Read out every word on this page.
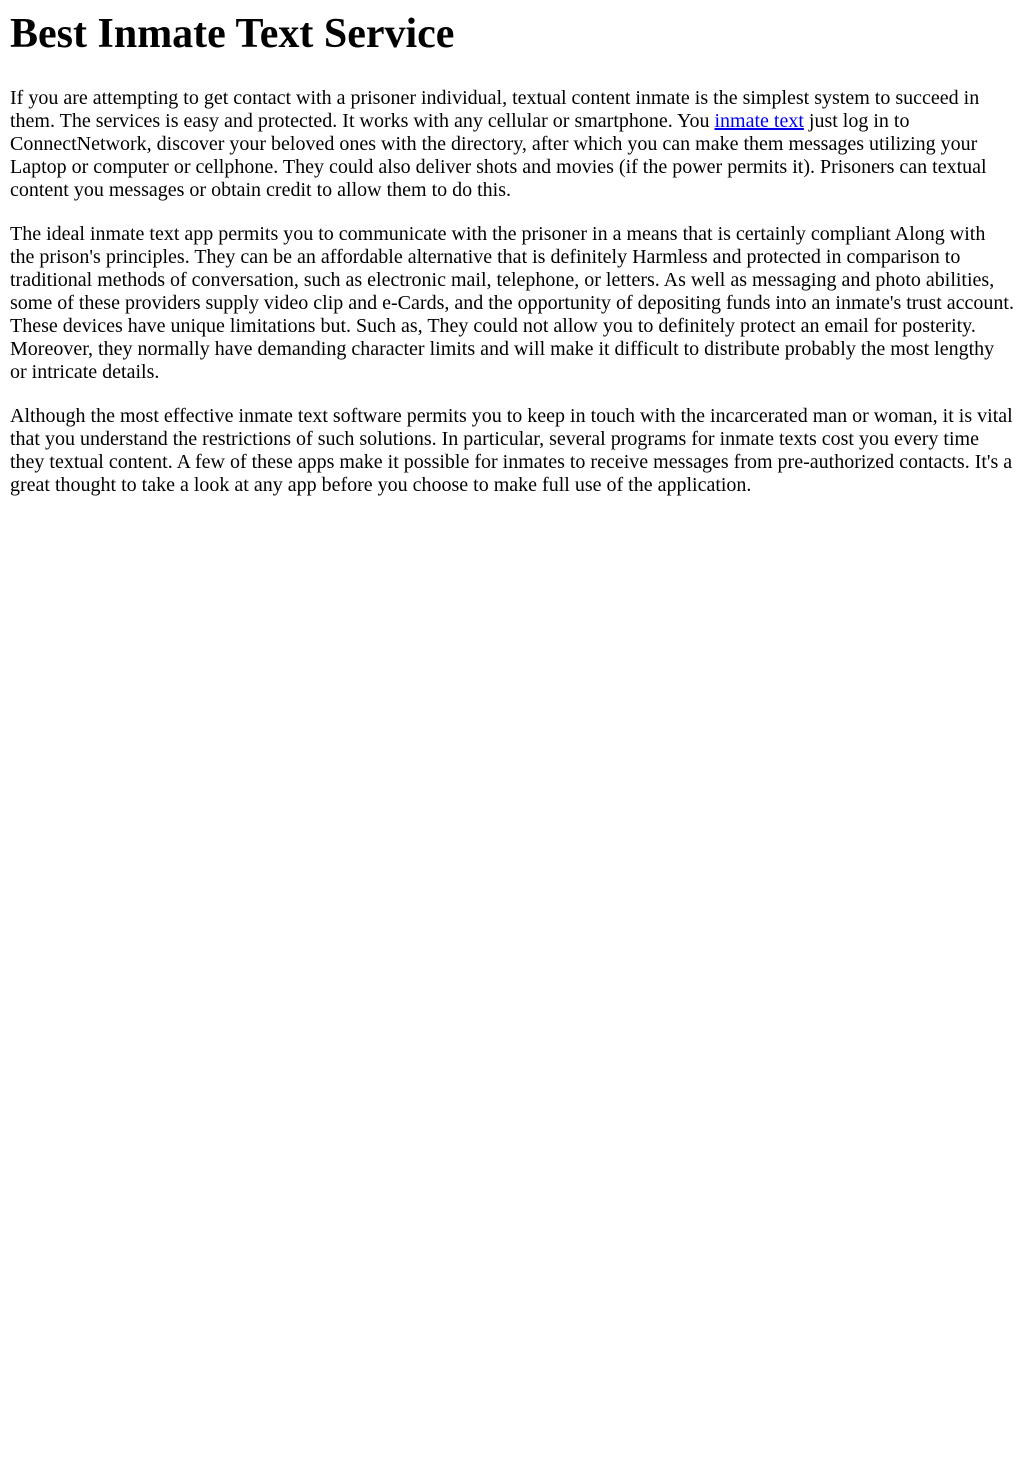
Best Inmate Text Service

If you are attempting to get contact with a prisoner individual, textual content inmate is the simplest system to succeed in them. The services is easy and protected. It works with any cellular or smartphone. You inmate text just log in to ConnectNetwork, discover your beloved ones with the directory, after which you can make them messages utilizing your Laptop or computer or cellphone. They could also deliver shots and movies (if the power permits it). Prisoners can textual content you messages or obtain credit to allow them to do this.

The ideal inmate text app permits you to communicate with the prisoner in a means that is certainly compliant Along with the prison's principles. They can be an affordable alternative that is definitely Harmless and protected in comparison to traditional methods of conversation, such as electronic mail, telephone, or letters. As well as messaging and photo abilities, some of these providers supply video clip and e-Cards, and the opportunity of depositing funds into an inmate's trust account. These devices have unique limitations but. Such as, They could not allow you to definitely protect an email for posterity. Moreover, they normally have demanding character limits and will make it difficult to distribute probably the most lengthy or intricate details.

Although the most effective inmate text software permits you to keep in touch with the incarcerated man or woman, it is vital that you understand the restrictions of such solutions. In particular, several programs for inmate texts cost you every time they textual content. A few of these apps make it possible for inmates to receive messages from pre-authorized contacts. It's a great thought to take a look at any app before you choose to make full use of the application.
